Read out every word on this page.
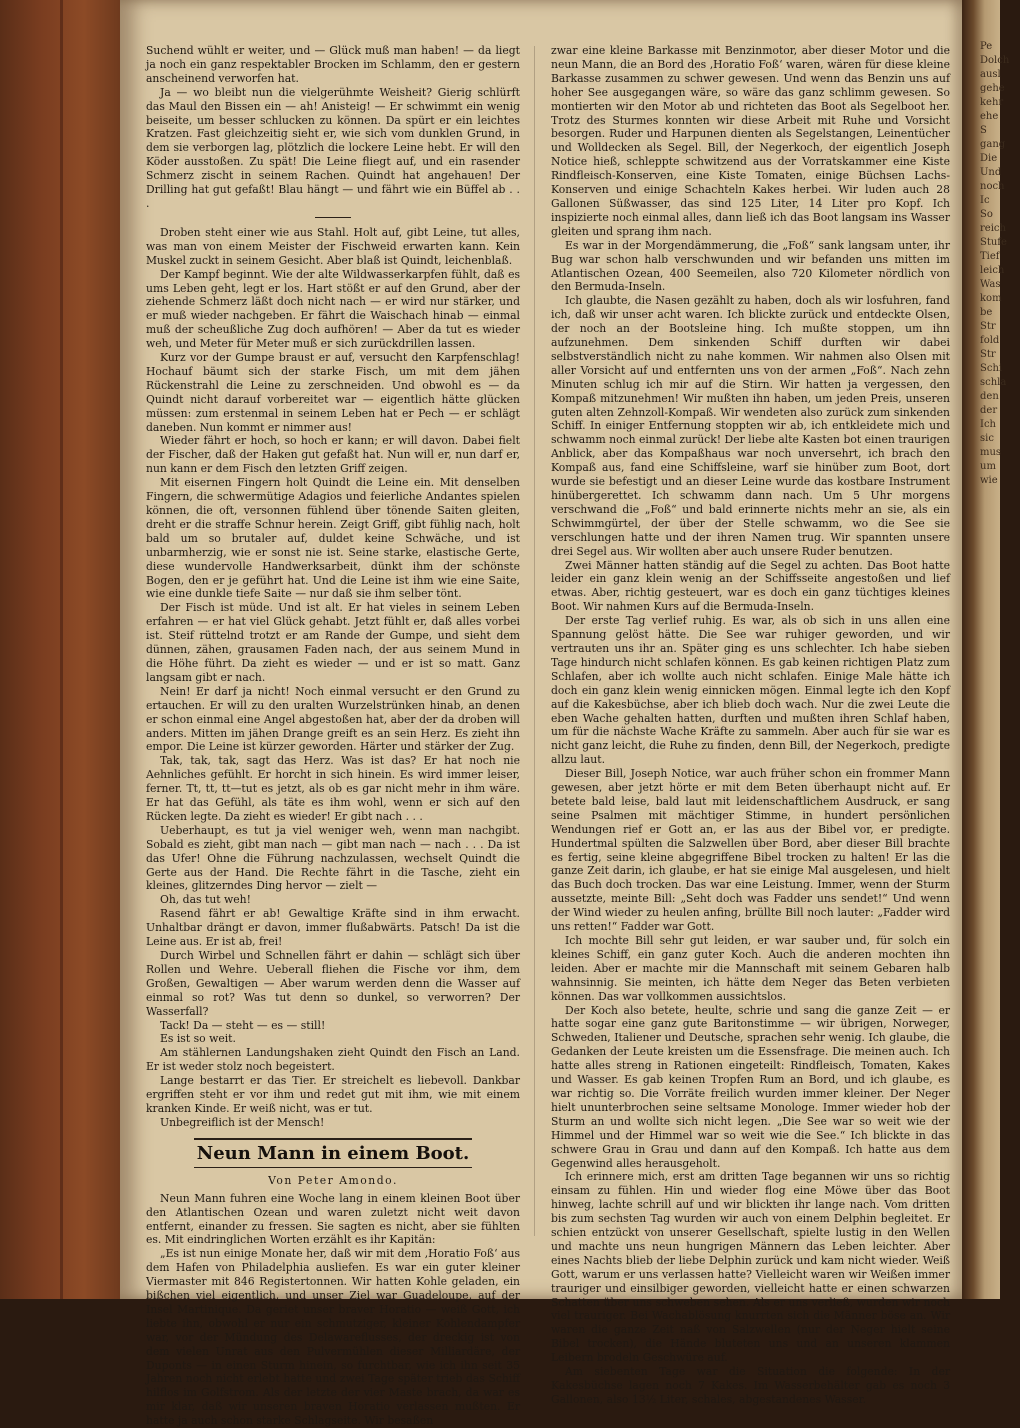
Suchend wühlt er weiter, und — Glück muß man haben! — da liegt ja noch ein ganz respektabler Brocken im Schlamm, den er gestern anscheinend verworfen hat.

Ja — wo bleibt nun die vielgerühmte Weisheit? Gierig schlürft das Maul den Bissen ein — ah! Anisteig! — Er schwimmt ein wenig beiseite, um besser schlucken zu können. Da spürt er ein leichtes Kratzen. Fast gleichzeitig sieht er, wie sich vom dunklen Grund, in dem sie verborgen lag, plötzlich die lockere Leine hebt. Er will den Köder ausstoßen. Zu spät! Die Leine fliegt auf, und ein rasender Schmerz zischt in seinem Rachen. Quindt hat angehauen! Der Drilling hat gut gefaßt! Blau hängt — und fährt wie ein Büffel ab . . .

Droben steht einer wie aus Stahl. Holt auf, gibt Leine, tut alles, was man von einem Meister der Fischweid erwarten kann. Kein Muskel zuckt in seinem Gesicht. Aber blaß ist Quindt, leichenblaß.

Der Kampf beginnt. Wie der alte Wildwasserkarpfen fühlt, daß es ums Leben geht, legt er los. Hart stößt er auf den Grund, aber der ziehende Schmerz läßt doch nicht nach — er wird nur stärker, und er muß wieder nachgeben. Er fährt die Waischach hinab — einmal muß der scheußliche Zug doch aufhören! — Aber da tut es wieder weh, und Meter für Meter muß er sich zurückdrillen lassen.

Kurz vor der Gumpe braust er auf, versucht den Karpfenschlag! Hochauf bäumt sich der starke Fisch, um mit dem jähen Rückenstrahl die Leine zu zerschneiden. Und obwohl es — da Quindt nicht darauf vorbereitet war — eigentlich hätte glücken müssen: zum erstenmal in seinem Leben hat er Pech — er schlägt daneben. Nun kommt er nimmer aus!

Wieder fährt er hoch, so hoch er kann; er will davon. Dabei fielt der Fischer, daß der Haken gut gefaßt hat. Nun will er, nun darf er, nun kann er dem Fisch den letzten Griff zeigen.

Mit eisernen Fingern holt Quindt die Leine ein. Mit denselben Fingern, die schwermütige Adagios und feierliche Andantes spielen können, die oft, versonnen fühlend über tönende Saiten gleiten, dreht er die straffe Schnur herein. Zeigt Griff, gibt fühlig nach, holt bald um so brutaler auf, duldet keine Schwäche, und ist unbarmherzig, wie er sonst nie ist. Seine starke, elastische Gerte, diese wundervolle Handwerksarbeit, dünkt ihm der schönste Bogen, den er je geführt hat. Und die Leine ist ihm wie eine Saite, wie eine dunkle tiefe Saite — nur daß sie ihm selber tönt.

Der Fisch ist müde. Und ist alt. Er hat vieles in seinem Leben erfahren — er hat viel Glück gehabt. Jetzt fühlt er, daß alles vorbei ist. Steif rüttelnd trotzt er am Rande der Gumpe, und sieht dem dünnen, zähen, grausamen Faden nach, der aus seinem Mund in die Höhe führt. Da zieht es wieder — und er ist so matt. Ganz langsam gibt er nach.

Nein! Er darf ja nicht! Noch einmal versucht er den Grund zu ertauchen. Er will zu den uralten Wurzelstrünken hinab, an denen er schon einmal eine Angel abgestoßen hat, aber der da droben will anders. Mitten im jähen Drange greift es an sein Herz. Es zieht ihn empor. Die Leine ist kürzer geworden. Härter und stärker der Zug.

Tak, tak, tak, sagt das Herz. Was ist das? Er hat noch nie Aehnliches gefühlt. Er horcht in sich hinein. Es wird immer leiser, ferner. Tt, tt, tt—tut es jetzt, als ob es gar nicht mehr in ihm wäre. Er hat das Gefühl, als täte es ihm wohl, wenn er sich auf den Rücken legte. Da zieht es wieder! Er gibt nach . . .

Ueberhaupt, es tut ja viel weniger weh, wenn man nachgibt. Sobald es zieht, gibt man nach — gibt man nach — nach . . . Da ist das Ufer! Ohne die Führung nachzulassen, wechselt Quindt die Gerte aus der Hand. Die Rechte fährt in die Tasche, zieht ein kleines, glitzerndes Ding hervor — zielt —

Oh, das tut weh!

Rasend fährt er ab! Gewaltige Kräfte sind in ihm erwacht. Unhaltbar drängt er davon, immer flußabwärts. Patsch! Da ist die Leine aus. Er ist ab, frei!

Durch Wirbel und Schnellen fährt er dahin — schlägt sich über Rollen und Wehre. Ueberall fliehen die Fische vor ihm, dem Großen, Gewaltigen — Aber warum werden denn die Wasser auf einmal so rot? Was tut denn so dunkel, so verworren? Der Wasserfall?

Tack! Da — steht — es — still!

Es ist so weit.

Am stählernen Landungshaken zieht Quindt den Fisch an Land. Er ist weder stolz noch begeistert.

Lange bestarrt er das Tier. Er streichelt es liebevoll. Dankbar ergriffen steht er vor ihm und redet gut mit ihm, wie mit einem kranken Kinde. Er weiß nicht, was er tut.

Unbegreiflich ist der Mensch!

Neun Mann in einem Boot.
Von Peter Amondo.

Neun Mann fuhren eine Woche lang in einem kleinen Boot über den Atlantischen Ozean und waren zuletzt nicht weit davon entfernt, einander zu fressen. Sie sagten es nicht, aber sie fühlten es. Mit eindringlichen Worten erzählt es ihr Kapitän:

„Es ist nun einige Monate her, daß wir mit dem ‚Horatio Foß‘ aus dem Hafen von Philadelphia ausliefen. Es war ein guter kleiner Viermaster mit 846 Registertonnen. Wir hatten Kohle geladen, ein bißchen viel eigentlich, und unser Ziel war Guadeloupe, auf der Insel Martinique. Da geriet unser braver Horatio — weiß Gott, ich liebte ihn, obwohl er nur ein schmutziger, kleiner Kohlendampfer war, vor der Mündung des Delawareflusses, der dreckig ist von dem vielen Unrat aus den Pulvermühlen dieser Milliardäre, der Duponts — in einen Sturm hinein, so furchtbar, wie ich ihn seit 35 Jahren noch nicht erlebt hatte und zwei Tage später trieb das Schiff hilflos im Golfstrom. Als der letzte der vier Maste brach, da war es mir klar, daß wir unseren braven Horatio verlassen mußten. Er hatte ja auch schon starke Schlagseite. Wir besaßen

zwar eine kleine Barkasse mit Benzinmotor, aber dieser Motor und die neun Mann, die an Bord des ‚Horatio Foß‘ waren, wären für diese kleine Barkasse zusammen zu schwer gewesen. Und wenn das Benzin uns auf hoher See ausgegangen wäre, so wäre das ganz schlimm gewesen. So montierten wir den Motor ab und richteten das Boot als Segelboot her. Trotz des Sturmes konnten wir diese Arbeit mit Ruhe und Vorsicht besorgen. Ruder und Harpunen dienten als Segelstangen, Leinentücher und Wolldecken als Segel. Bill, der Negerkoch, der eigentlich Joseph Notice hieß, schleppte schwitzend aus der Vorratskammer eine Kiste Rindfleisch-Konserven, eine Kiste Tomaten, einige Büchsen Lachs-Konserven und einige Schachteln Kakes herbei. Wir luden auch 28 Gallonen Süßwasser, das sind 125 Liter, 14 Liter pro Kopf. Ich inspizierte noch einmal alles, dann ließ ich das Boot langsam ins Wasser gleiten und sprang ihm nach.

Es war in der Morgendämmerung, die „Foß“ sank langsam unter, ihr Bug war schon halb verschwunden und wir befanden uns mitten im Atlantischen Ozean, 400 Seemeilen, also 720 Kilometer nördlich von den Bermuda-Inseln.

Ich glaubte, die Nasen gezählt zu haben, doch als wir losfuhren, fand ich, daß wir unser acht waren. Ich blickte zurück und entdeckte Olsen, der noch an der Bootsleine hing. Ich mußte stoppen, um ihn aufzunehmen. Dem sinkenden Schiff durften wir dabei selbstverständlich nicht zu nahe kommen. Wir nahmen also Olsen mit aller Vorsicht auf und entfernten uns von der armen „Foß“. Nach zehn Minuten schlug ich mir auf die Stirn. Wir hatten ja vergessen, den Kompaß mitzunehmen! Wir mußten ihn haben, um jeden Preis, unseren guten alten Zehnzoll-Kompaß. Wir wendeten also zurück zum sinkenden Schiff. In einiger Entfernung stoppten wir ab, ich entkleidete mich und schwamm noch einmal zurück! Der liebe alte Kasten bot einen traurigen Anblick, aber das Kompaßhaus war noch unversehrt, ich brach den Kompaß aus, fand eine Schiffsleine, warf sie hinüber zum Boot, dort wurde sie befestigt und an dieser Leine wurde das kostbare Instrument hinübergerettet. Ich schwamm dann nach. Um 5 Uhr morgens verschwand die „Foß“ und bald erinnerte nichts mehr an sie, als ein Schwimmgürtel, der über der Stelle schwamm, wo die See sie verschlungen hatte und der ihren Namen trug. Wir spannten unsere drei Segel aus. Wir wollten aber auch unsere Ruder benutzen.

Zwei Männer hatten ständig auf die Segel zu achten. Das Boot hatte leider ein ganz klein wenig an der Schiffsseite angestoßen und lief etwas. Aber, richtig gesteuert, war es doch ein ganz tüchtiges kleines Boot. Wir nahmen Kurs auf die Bermuda-Inseln.

Der erste Tag verlief ruhig. Es war, als ob sich in uns allen eine Spannung gelöst hätte. Die See war ruhiger geworden, und wir vertrauten uns ihr an. Später ging es uns schlechter. Ich habe sieben Tage hindurch nicht schlafen können. Es gab keinen richtigen Platz zum Schlafen, aber ich wollte auch nicht schlafen. Einige Male hätte ich doch ein ganz klein wenig einnicken mögen. Einmal legte ich den Kopf auf die Kakesbüchse, aber ich blieb doch wach. Nur die zwei Leute die eben Wache gehalten hatten, durften und mußten ihren Schlaf haben, um für die nächste Wache Kräfte zu sammeln. Aber auch für sie war es nicht ganz leicht, die Ruhe zu finden, denn Bill, der Negerkoch, predigte allzu laut.

Dieser Bill, Joseph Notice, war auch früher schon ein frommer Mann gewesen, aber jetzt hörte er mit dem Beten überhaupt nicht auf. Er betete bald leise, bald laut mit leidenschaftlichem Ausdruck, er sang seine Psalmen mit mächtiger Stimme, in hundert persönlichen Wendungen rief er Gott an, er las aus der Bibel vor, er predigte. Hundertmal spülten die Salzwellen über Bord, aber dieser Bill brachte es fertig, seine kleine abgegriffene Bibel trocken zu halten! Er las die ganze Zeit darin, ich glaube, er hat sie einige Mal ausgelesen, und hielt das Buch doch trocken. Das war eine Leistung. Immer, wenn der Sturm aussetzte, meinte Bill: „Seht doch was Fadder uns sendet!“ Und wenn der Wind wieder zu heulen anfing, brüllte Bill noch lauter: „Fadder wird uns retten!“ Fadder war Gott.

Ich mochte Bill sehr gut leiden, er war sauber und, für solch ein kleines Schiff, ein ganz guter Koch. Auch die anderen mochten ihn leiden. Aber er machte mir die Mannschaft mit seinem Gebaren halb wahnsinnig. Sie meinten, ich hätte dem Neger das Beten verbieten können. Das war vollkommen aussichtslos.

Der Koch also betete, heulte, schrie und sang die ganze Zeit — er hatte sogar eine ganz gute Baritonstimme — wir übrigen, Norweger, Schweden, Italiener und Deutsche, sprachen sehr wenig. Ich glaube, die Gedanken der Leute kreisten um die Essensfrage. Die meinen auch. Ich hatte alles streng in Rationen eingeteilt: Rindfleisch, Tomaten, Kakes und Wasser. Es gab keinen Tropfen Rum an Bord, und ich glaube, es war richtig so. Die Vorräte freilich wurden immer kleiner. Der Neger hielt ununterbrochen seine seltsame Monologe. Immer wieder hob der Sturm an und wollte sich nicht legen. „Die See war so weit wie der Himmel und der Himmel war so weit wie die See.“ Ich blickte in das schwere Grau in Grau und dann auf den Kompaß. Ich hatte aus dem Gegenwind alles herausgeholt.

Ich erinnere mich, erst am dritten Tage begannen wir uns so richtig einsam zu fühlen. Hin und wieder flog eine Möwe über das Boot hinweg, lachte schrill auf und wir blickten ihr lange nach. Vom dritten bis zum sechsten Tag wurden wir auch von einem Delphin begleitet. Er schien entzückt von unserer Gesellschaft, spielte lustig in den Wellen und machte uns neun hungrigen Männern das Leben leichter. Aber eines Nachts blieb der liebe Delphin zurück und kam nicht wieder. Weiß Gott, warum er uns verlassen hatte? Vielleicht waren wir Weißen immer trauriger und einsilbiger geworden, vielleicht hatte er einen schwarzen Schatten über uns schweben sehen. Als er uns verließ, wurden wir noch viel trauriger. Bei Wachablösung knurrten sich die Männer böse an. Wir waren die ganze Zeit naß von Salzwellen (nur der Neger hielt seine Bibel trocken), die Hände bluteten uns und an unseren klammen Leibern brodeln Geschwüre auf.

Am siebenten Tage war die Situation die folgende: In der Kakesbüchse lagen noch 7 Kakes. Im Wasserbehälter gab es noch 3 Gallonen, also 13½ Liter, schales, abgestandenes Wasser.

Pe
Dolch
ausl
gehe
kehr
ehe
S
gang
Die
Und
noch
Ic
So
reich
Stufe
Tief
leich
Was
kom
be
Str
fold
Str
Schi
schla
den
der
Ich
sic
mus
um
wie
